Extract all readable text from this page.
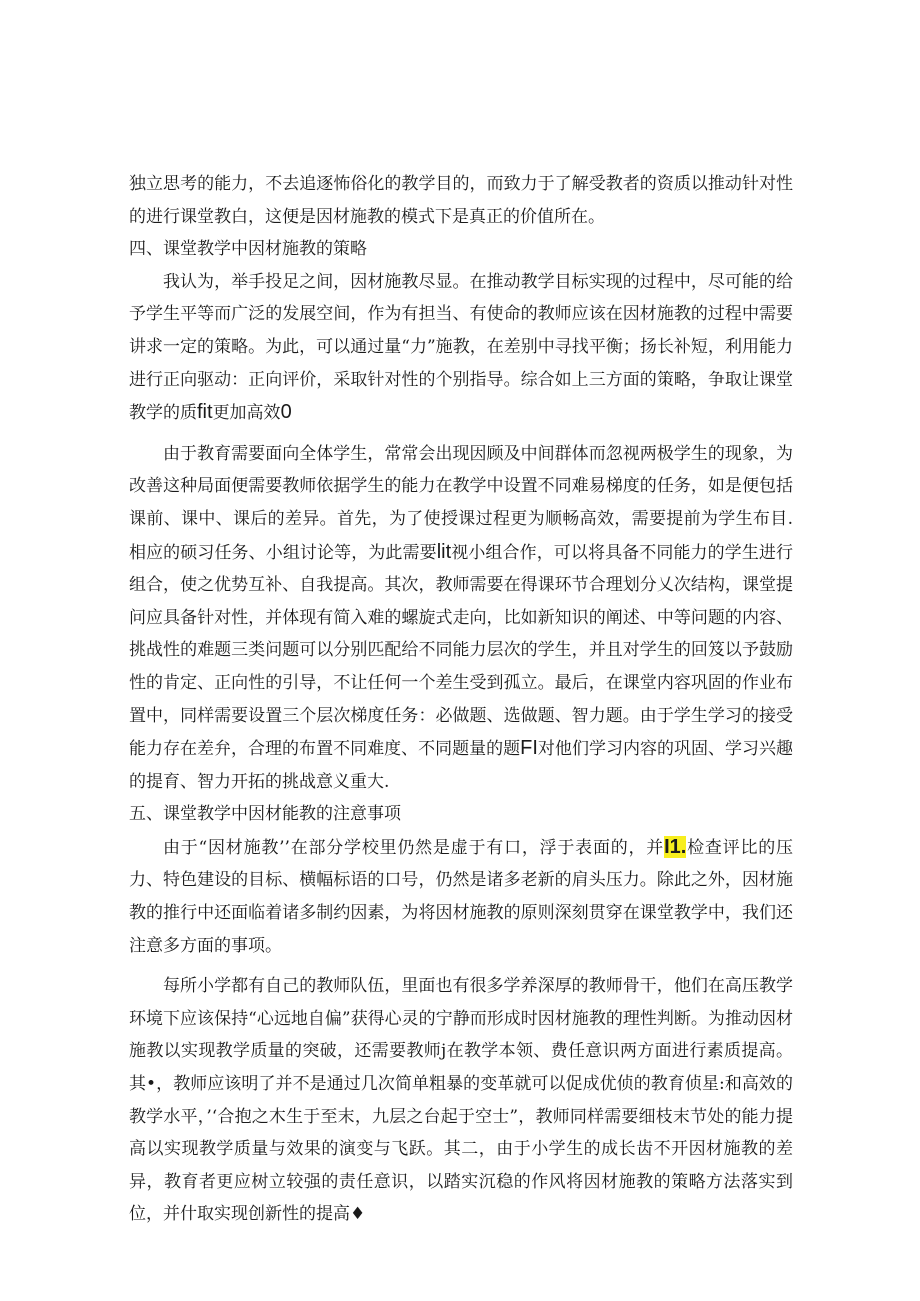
独立思考的能力，不去追逐怖俗化的教学目的，而致力于了解受教者的资质以推动针对性的进行课堂教白，这便是因材施教的模式下是真正的价值所在。

四、课堂教学中因材施教的策略

我认为，举手投足之间，因材施教尽显。在推动教学目标实现的过程中，尽可能的给予学生平等而广泛的发展空间，作为有担当、有使命的教师应该在因材施教的过程中需要讲求一定的策略。为此，可以通过量“力”施教，在差别中寻找平衡；扬长补短，利用能力进行正向驱动：正向评价，采取针对性的个别指导。综合如上三方面的策略，争取让课堂教学的质fit更加高效0

由于教育需要面向全体学生，常常会出现因顾及中间群体而忽视两极学生的现象，为改善这种局面便需要教师依据学生的能力在教学中设置不同难易梯度的任务，如是便包括课前、课中、课后的差异。首先，为了使授课过程更为顺畅高效，需要提前为学生布目.相应的硕习任务、小组讨论等，为此需要lit视小组合作，可以将具备不同能力的学生进行组合，使之优势互补、自我提高。其次，教师需要在得课环节合理划分乂次结构，课堂提问应具备针对性，并体现有简入难的螺旋式走向，比如新知识的阐述、中等问题的内容、挑战性的难题三类问题可以分别匹配给不同能力层次的学生，并且对学生的回笈以予鼓励性的肯定、正向性的引导，不让任何一个差生受到孤立。最后，在课堂内容巩固的作业布置中，同样需要设置三个层次梯度任务：必做题、选做题、智力题。由于学生学习的接受能力存在差弁，合理的布置不同难度、不同题量的题FI对他们学习内容的巩固、学习兴趣的提育、智力开拓的挑战意义重大.

五、课堂教学中因材能教的注意事项

由于“因材施教’’在部分学校里仍然是虚于有口，浮于表面的，并I1.检查评比的压力、特色建设的目标、横幅标语的口号，仍然是诸多老新的肩头压力。除此之外，因材施教的推行中还面临着诸多制约因素，为将因材施教的原则深刻贯穿在课堂教学中，我们还注意多方面的事项。

每所小学都有自己的教师队伍，里面也有很多学养深厚的教师骨干，他们在高压教学环境下应该保持“心远地自偏”获得心灵的宁静而形成时因材施教的理性判断。为推动因材施教以实现教学质量的突破，还需要教师j在教学本领、费任意识两方面进行素质提高。其•，教师应该明了并不是通过几次简单粗暴的变革就可以促成优侦的教育侦星:和高效的教学水平，’‘合抱之木生于至末，九层之台起于空士”，教师同样需要细枝末节处的能力提高以实现教学质量与效果的演变与飞跃。其二，由于小学生的成长齿不开因材施教的差异，教育者更应树立较强的责任意识，以踏实沉稳的作风将因材施教的策略方法落实到位，并什取实现创新性的提高♦
